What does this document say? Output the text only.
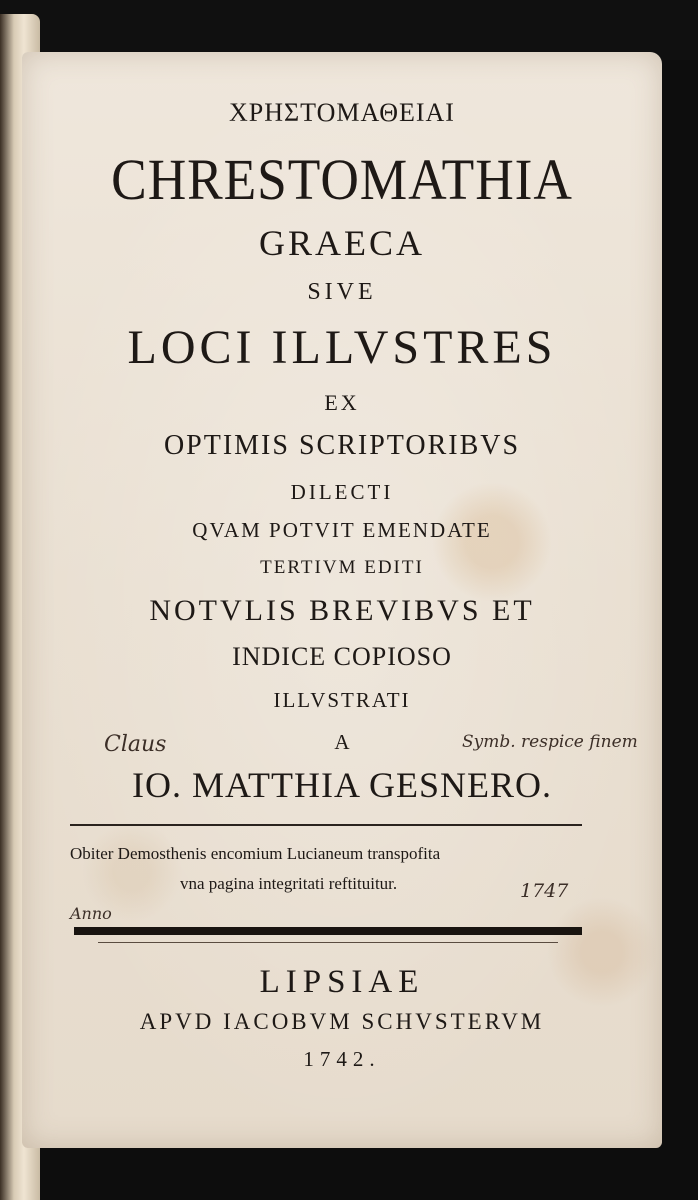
ΧΡΗΣΤΟΜΑΘΕΙΑΙ
CHRESTOMATHIA
GRAECA
SIVE
LOCI ILLVSTRES
EX
OPTIMIS SCRIPTORIBVS
DILECTI
QVAM POTVIT EMENDATE
TERTIVM EDITI
NOTVLIS BREVIBVS ET
INDICE COPIOSO
ILLVSTRATI
A
IO. MATTHIA GESNERO.
Claus	Symb. respice finem
Obiter Demosthenis encomium Lucianeum transpofita
vna pagina integritati reftituitur.
Anno
1747
LIPSIAE
APVD IACOBVM SCHVSTERVM
1742.
